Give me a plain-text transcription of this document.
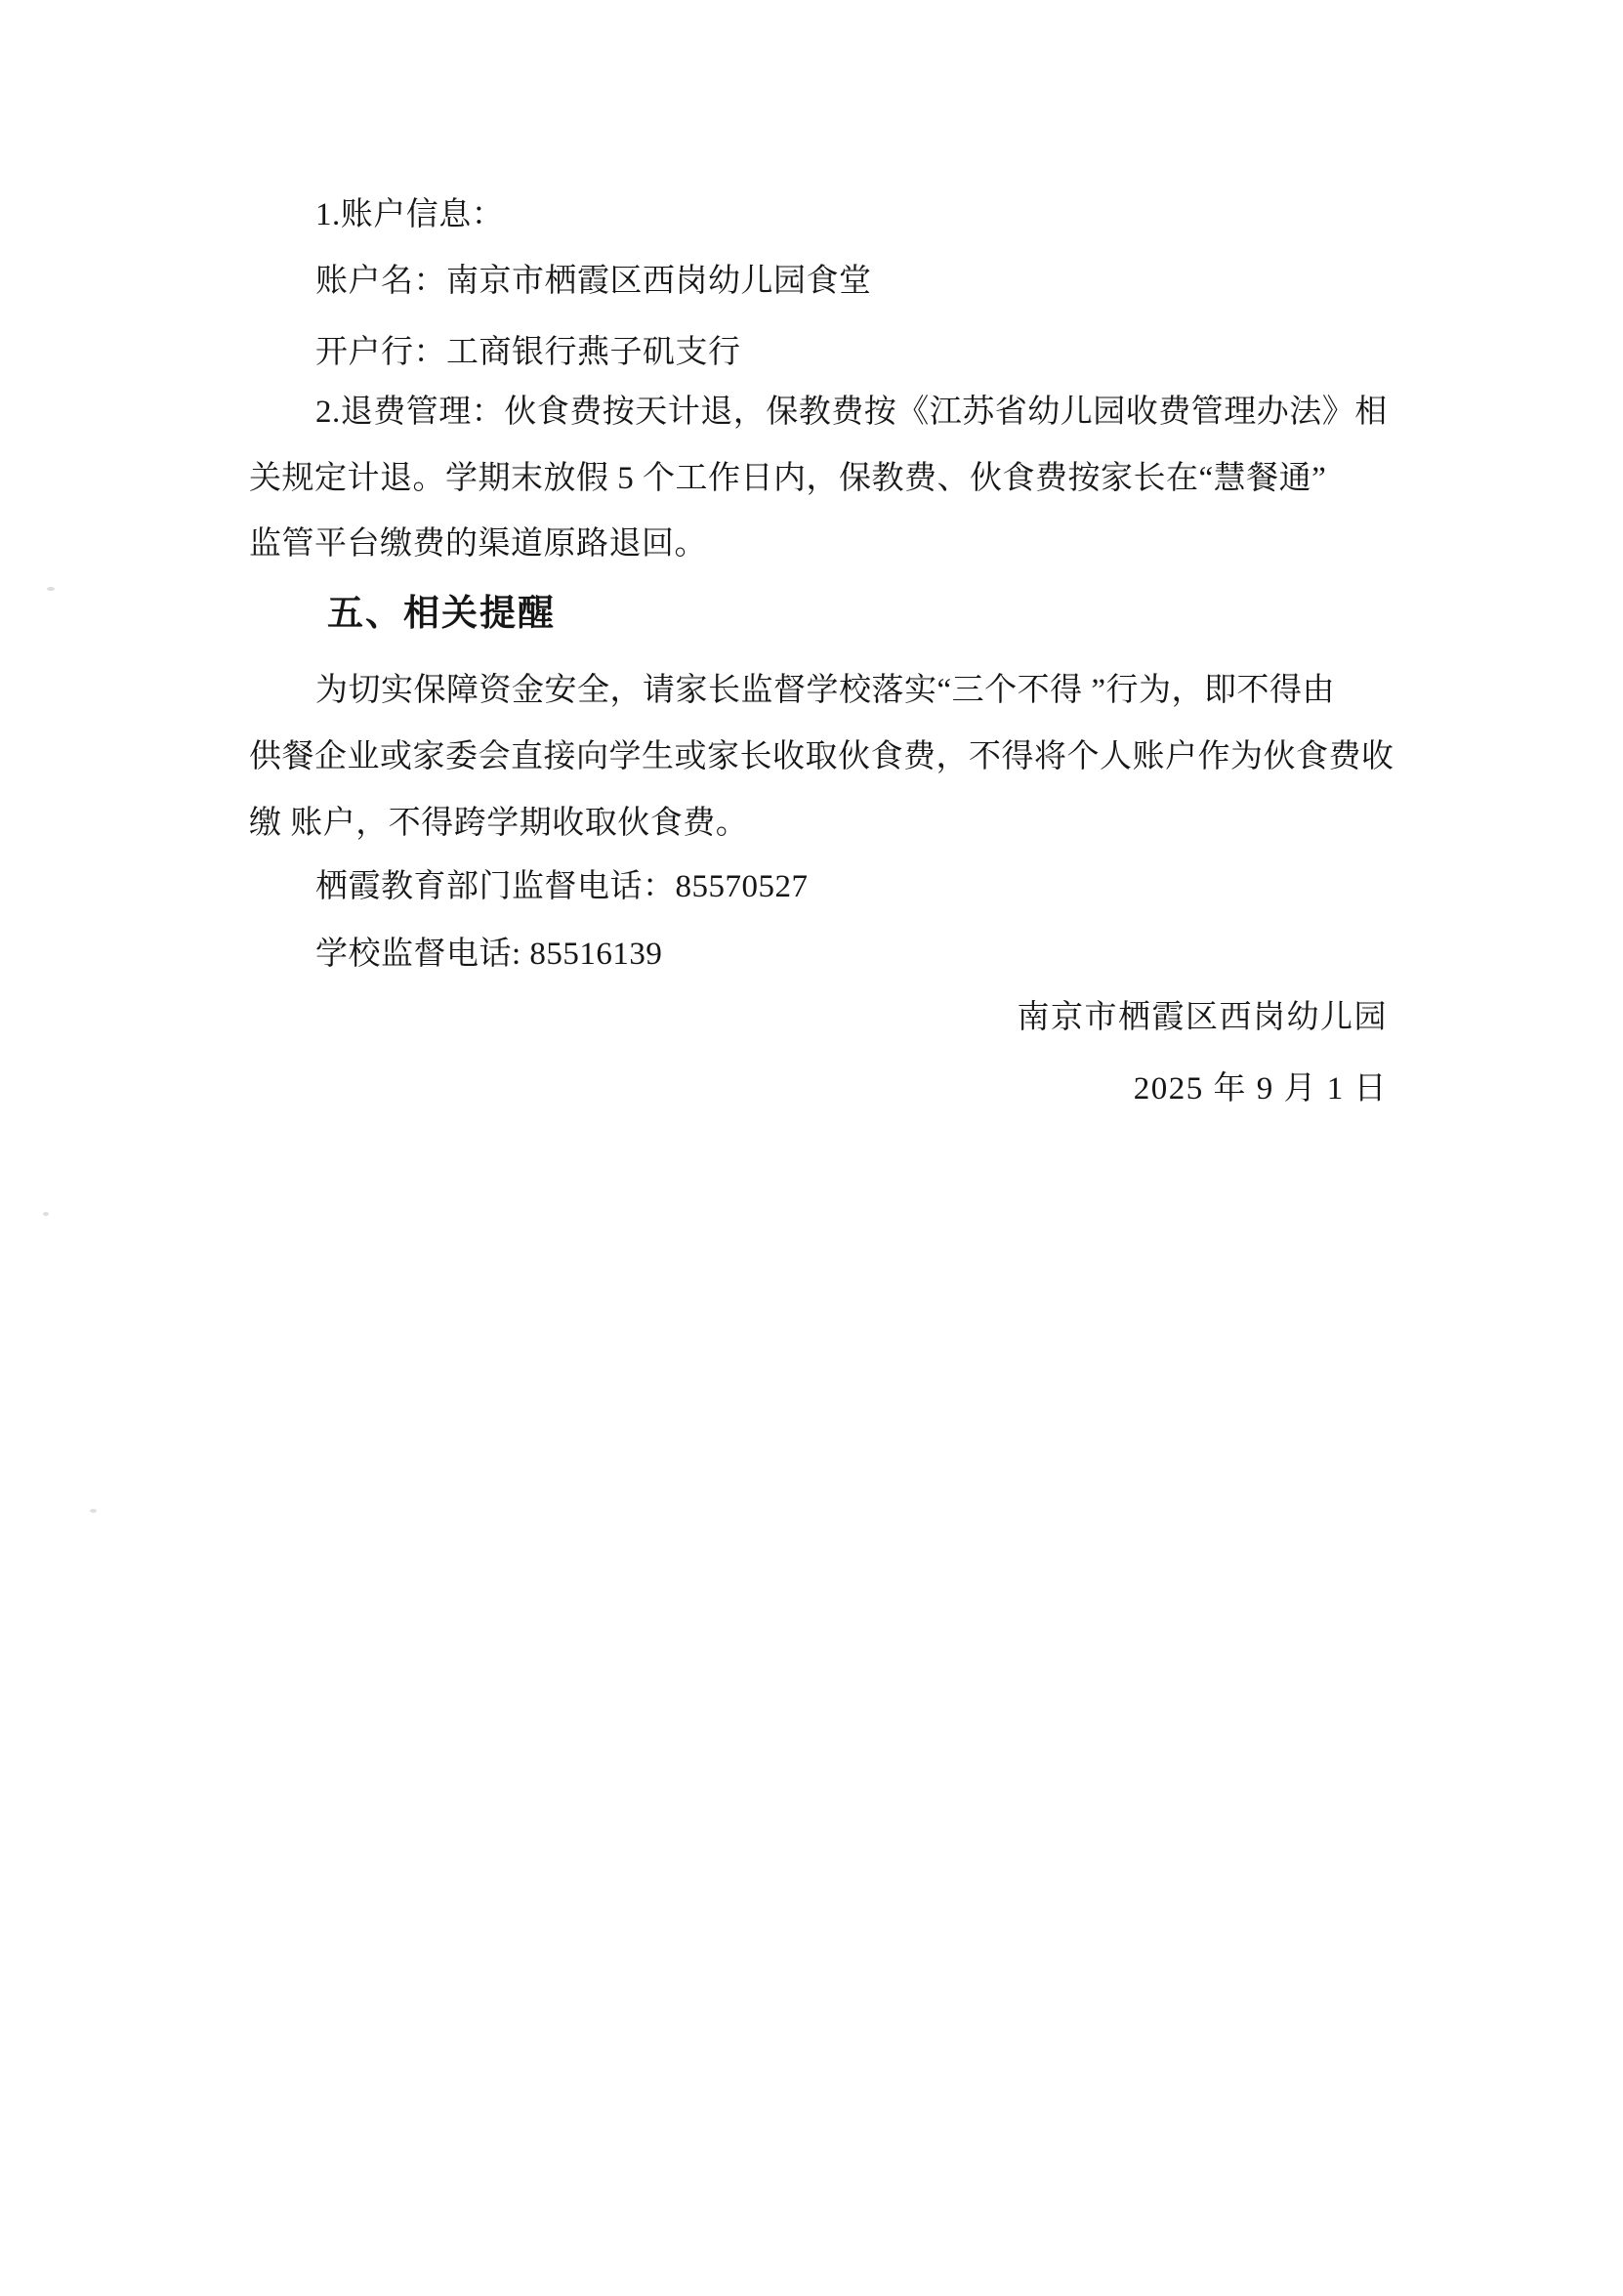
1.账户信息：
账户名：南京市栖霞区西岗幼儿园食堂
开户行：工商银行燕子矶支行
2.退费管理：伙食费按天计退，保教费按《江苏省幼儿园收费管理办法》相
关规定计退。学期末放假 5 个工作日内，保教费、伙食费按家长在“慧餐通”
监管平台缴费的渠道原路退回。
五、相关提醒
为切实保障资金安全，请家长监督学校落实“三个不得 ”行为，即不得由
供餐企业或家委会直接向学生或家长收取伙食费，不得将个人账户作为伙食费收
缴 账户，不得跨学期收取伙食费。
栖霞教育部门监督电话：85570527
学校监督电话: 85516139
南京市栖霞区西岗幼儿园
2025 年 9 月 1 日
